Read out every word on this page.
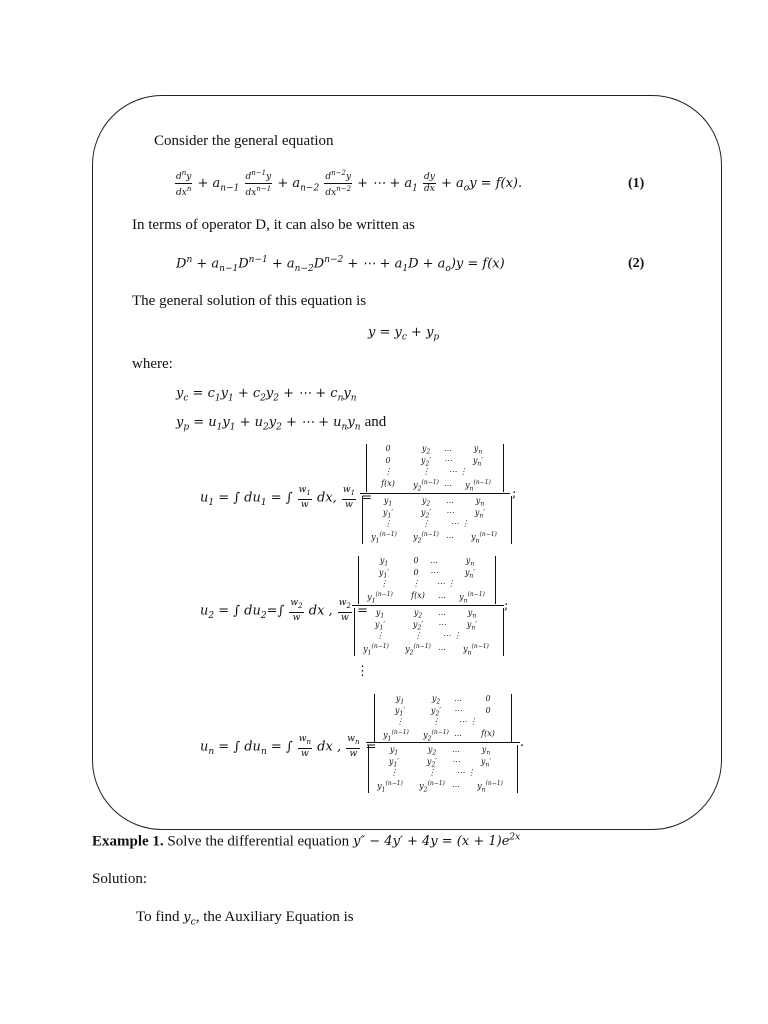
Consider the general equation
$\frac{d^ny}{dx^n} + a_{n-1} \frac{d^{n-1}y}{dx^{n-1}} + a_{n-2} \frac{d^{n-2}y}{dx^{n-2}}$ + ⋯ + $a_1 \frac{dy}{dx} + a_oy = f(x)$.	(1)
In terms of operator D, it can also be written as
$D^n + a_{n-1}D^{n-1} + a_{n-2}D^{n-2}$ + ⋯ + $a_1D + a_o)y = f(x)$	(2)
The general solution of this equation is
$y = y_c + y_p$
where:
$y_c = c_1y_1 + c_2y_2$ + ⋯ + $c_ny_n$
$y_p = u_1y_1 + u_2y_2$ + ⋯ + $u_ny_n$ and
$u_1$ = ∫ $du_1$ = ∫ $\frac{w_1}{w}$ dx, $\frac{w_1}{w}$ =
0	$y_2$	…	$y_n$
0	$y_2'$	⋯	$y_n'$
⋮	⋮	⋯ ⋮
f(x)	$y_2^{(n-1)}$ …	$y_n^{(n-1)}$
$y_1$	$y_2$	…	$y_n$
$y_1'$	$y_2'$	⋯	$y_n'$
⋮	⋮	⋯ ⋮
$y_1^{(n-1)}$	$y_2^{(n-1)}$ …	$y_n^{(n-1)}$
;
$u_2$ = ∫ $du_2=\int \frac{w_2}{w}$ dx , $\frac{w_2}{w}$ =
$y_1$	0	…	$y_n$
$y_1'$	0	⋯	$y_n'$
⋮	⋮	⋯ ⋮
$y_1^{(n-1)}$	f(x)	…	$y_n^{(n-1)}$
$y_1$	$y_2$	…	$y_n$
$y_1'$	$y_2'$	⋯	$y_n'$
⋮	⋮	⋯ ⋮
$y_1^{(n-1)}$	$y_2^{(n-1)}$ …	$y_n^{(n-1)}$
;
⋮
$u_n$ = ∫ $du_n$ = ∫ $\frac{w_n}{w}$ dx , $\frac{w_n}{w}$ =
$y_1$	$y_2$	…	0
$y_1'$	$y_2'$	⋯	0
⋮	⋮	⋯ ⋮
$y_1^{(n-1)}$	$y_2^{(n-1)}$ …	f(x)
$y_1$	$y_2$	…	$y_n$
$y_1'$	$y_2'$	⋯	$y_n'$
⋮	⋮	⋯ ⋮
$y_1^{(n-1)}$	$y_2^{(n-1)}$ …	$y_n^{(n-1)}$
.
Example 1. Solve the differential equation $y'' - 4y' + 4y = (x + 1)e^{2x}$
Solution:
To find $y_c$, the Auxiliary Equation is
